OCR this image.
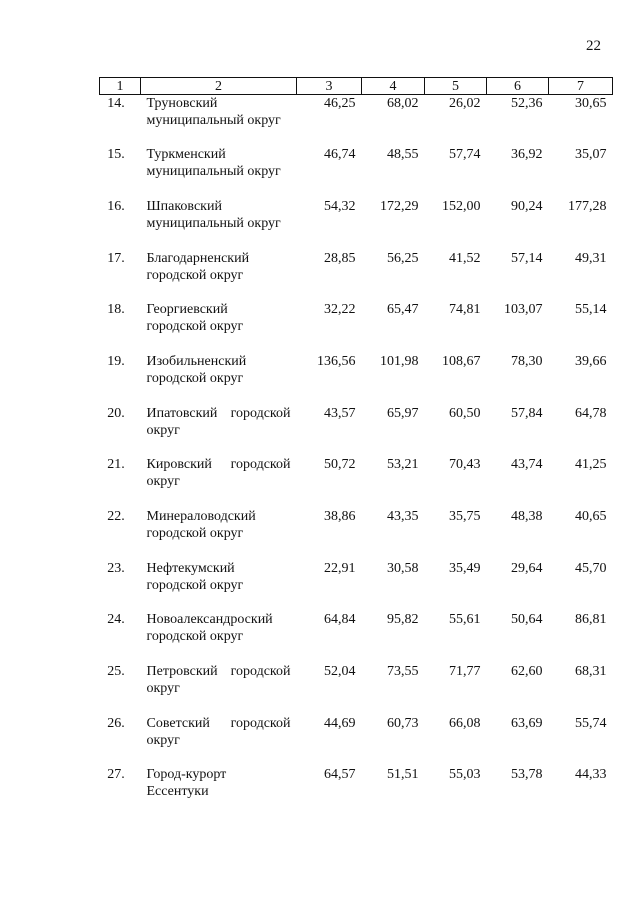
22
1	2	3	4	5	6	7
14.	Труновский муниципальный округ	46,25	68,02	26,02	52,36	30,65
15.	Туркменский муниципальный округ	46,74	48,55	57,74	36,92	35,07
16.	Шпаковский муниципальный округ	54,32	172,29	152,00	90,24	177,28
17.	Благодарненский городской округ	28,85	56,25	41,52	57,14	49,31
18.	Георгиевский городской округ	32,22	65,47	74,81	103,07	55,14
19.	Изобильненский городской округ	136,56	101,98	108,67	78,30	39,66
20.	Ипатовский городской округ	43,57	65,97	60,50	57,84	64,78
21.	Кировский городской округ	50,72	53,21	70,43	43,74	41,25
22.	Минераловодский городской округ	38,86	43,35	35,75	48,38	40,65
23.	Нефтекумский городской округ	22,91	30,58	35,49	29,64	45,70
24.	Новоалександроский городской округ	64,84	95,82	55,61	50,64	86,81
25.	Петровский городской округ	52,04	73,55	71,77	62,60	68,31
26.	Советский городской округ	44,69	60,73	66,08	63,69	55,74
27.	Город-курорт Ессентуки	64,57	51,51	55,03	53,78	44,33
